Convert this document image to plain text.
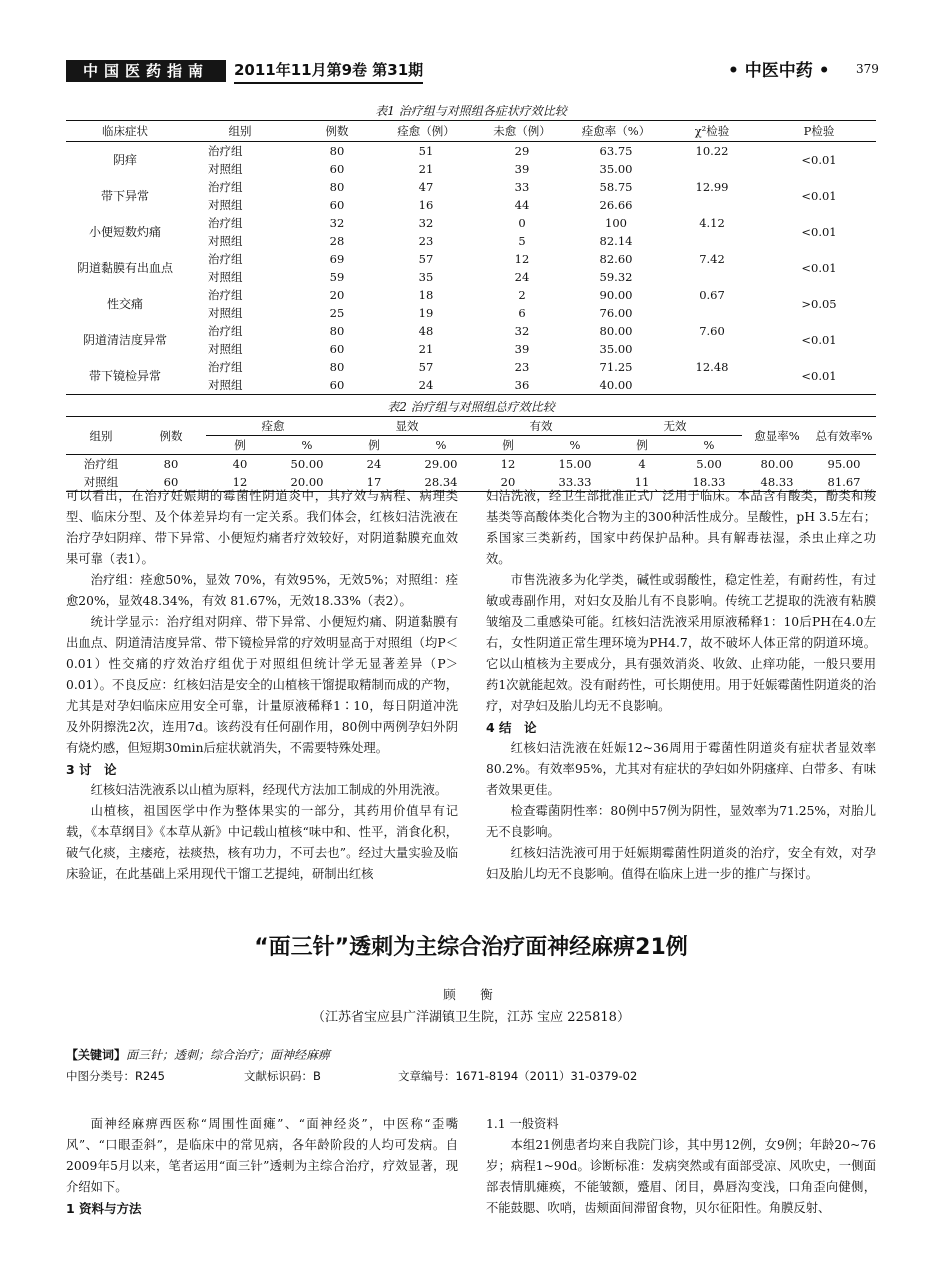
中国医药指南	2011年11月第9卷 第31期	• 中医中药 • 379
表1 治疗组与对照组各症状疗效比较
临床症状	组别	例数	痊愈（例）	未愈（例）	痊愈率（%）	χ²检验	P检验
阴痒	治疗组	80	51	29	63.75	10.22	<0.01
	对照组	60	21	39	35.00		
带下异常	治疗组	80	47	33	58.75	12.99	<0.01
	对照组	60	16	44	26.66		
小便短数灼痛	治疗组	32	32	0	100	4.12	<0.01
	对照组	28	23	5	82.14		
阴道黏膜有出血点	治疗组	69	57	12	82.60	7.42	<0.01
	对照组	59	35	24	59.32		
性交痛	治疗组	20	18	2	90.00	0.67	>0.05
	对照组	25	19	6	76.00		
阴道清洁度异常	治疗组	80	48	32	80.00	7.60	<0.01
	对照组	60	21	39	35.00		
带下镜检异常	治疗组	80	57	23	71.25	12.48	<0.01
	对照组	60	24	36	40.00		
表2 治疗组与对照组总疗效比较
组别	例数	痊愈		显效		有效		无效		愈显率%	总有效率%
		例	%	例	%	例	%	例	%		
治疗组	80	40	50.00	24	29.00	12	15.00	4	5.00	80.00	95.00
对照组	60	12	20.00	17	28.34	20	33.33	11	18.33	48.33	81.67

可以看出，在治疗妊娠期的霉菌性阴道炎中，其疗效与病程、病理类型、临床分型、及个体差异均有一定关系。我们体会，红核妇洁洗液在治疗孕妇阴痒、带下异常、小便短灼痛者疗效较好，对阴道黏膜充血效果可靠（表1）。

治疗组：痊愈50%，显效 70%，有效95%，无效5%；对照组：痊愈20%，显效48.34%，有效 81.67%，无效18.33%（表2）。

统计学显示：治疗组对阴痒、带下异常、小便短灼痛、阴道黏膜有出血点、阴道清洁度异常、带下镜检异常的疗效明显高于对照组（均P＜0.01）性交痛的疗效治疗组优于对照组但统计学无显著差异（P＞0.01）。不良反应：红核妇洁是安全的山植核干馏提取精制而成的产物，尤其是对孕妇临床应用安全可靠，计量原液稀释1∶10，每日阴道冲洗及外阴擦洗2次，连用7d。该药没有任何副作用，80例中两例孕妇外阴有烧灼感，但短期30min后症状就消失，不需要特殊处理。

3 讨　论

红核妇洁洗液系以山植为原料，经现代方法加工制成的外用洗液。

山植核，祖国医学中作为整体果实的一部分，其药用价值早有记载，《本草纲目》《本草从新》中记载山植核“味中和、性平，消食化积，破气化痰，主瘘疮，祛痰热，核有功力，不可去也”。经过大量实验及临床验证，在此基础上采用现代干馏工艺提纯，研制出红核

妇洁洗液，经卫生部批准正式广泛用于临床。本品含有酸类，酚类和羧基类等高酸体类化合物为主的300种活性成分。呈酸性，pH 3.5左右；系国家三类新药，国家中药保护品种。具有解毒祛湿，杀虫止痒之功效。

市售洗液多为化学类，碱性或弱酸性，稳定性差，有耐药性，有过敏或毒副作用，对妇女及胎儿有不良影响。传统工艺提取的洗液有粘膜皱缩及二重感染可能。红核妇洁洗液采用原液稀释1：10后PH在4.0左右，女性阴道正常生理环境为PH4.7，故不破坏人体正常的阴道环境。它以山植核为主要成分，具有强效消炎、收敛、止痒功能，一般只要用药1次就能起效。没有耐药性，可长期使用。用于妊娠霉菌性阴道炎的治疗，对孕妇及胎儿均无不良影响。

4 结　论

红核妇洁洗液在妊娠12~36周用于霉菌性阴道炎有症状者显效率80.2%。有效率95%，尤其对有症状的孕妇如外阴瘙痒、白带多、有味者效果更佳。

检查霉菌阴性率：80例中57例为阴性，显效率为71.25%，对胎儿无不良影响。

红核妇洁洗液可用于妊娠期霉菌性阴道炎的治疗，安全有效，对孕妇及胎儿均无不良影响。值得在临床上进一步的推广与探讨。

“面三针”透刺为主综合治疗面神经麻痹21例
顾　衡
（江苏省宝应县广洋湖镇卫生院，江苏 宝应 225818）
【关键词】面三针；透刺；综合治疗；面神经麻痹
中图分类号：R245	文献标识码：B	文章编号：1671-8194（2011）31-0379-02

面神经麻痹西医称“周围性面瘫”、“面神经炎”，中医称“歪嘴风”、“口眼歪斜”，是临床中的常见病，各年龄阶段的人均可发病。自2009年5月以来，笔者运用“面三针”透刺为主综合治疗，疗效显著，现介绍如下。

1 资料与方法

1.1 一般资料

本组21例患者均来自我院门诊，其中男12例，女9例；年龄20~76岁；病程1~90d。诊断标准：发病突然或有面部受凉、风吹史，一侧面部表情肌瘫痪，不能皱额，蹙眉、闭目，鼻唇沟变浅，口角歪向健侧，不能鼓腮、吹哨，齿颊面间滞留食物，贝尔征阳性。角膜反射、
